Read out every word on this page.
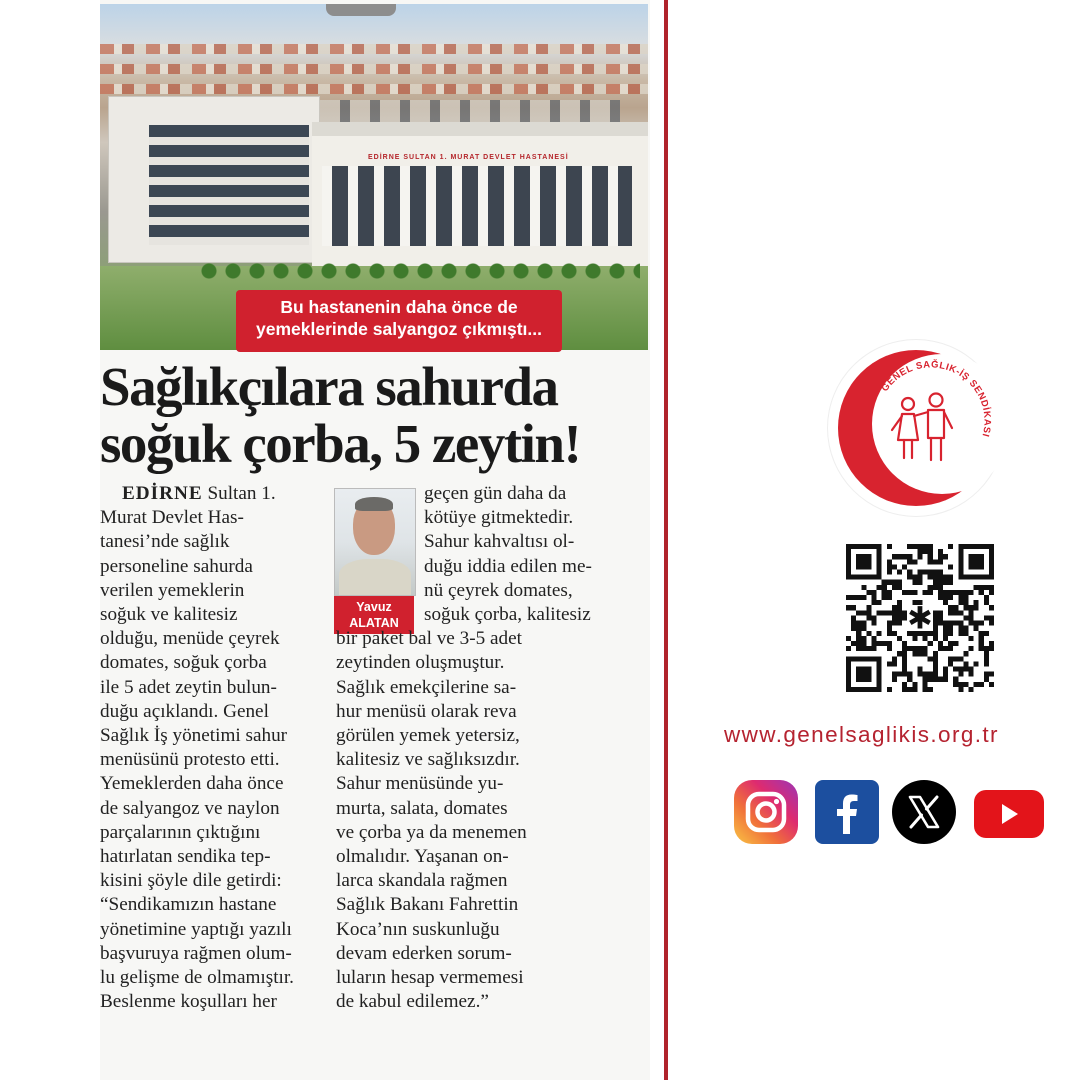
EDİRNE SULTAN 1. MURAT DEVLET HASTANESİ
Bu hastanenin daha önce de
yemeklerinde salyangoz çıkmıştı...
Sağlıkçılara sahurda
soğuk çorba, 5 zeytin!

EDİRNE Sultan 1.

Murat Devlet Has-

tanesi’nde sağlık

personeline sahurda

verilen yemeklerin

soğuk ve kalitesiz

olduğu, menüde çeyrek

domates, soğuk çorba

ile 5 adet zeytin bulun-

duğu açıklandı. Genel

Sağlık İş yönetimi sahur

menüsünü protesto etti.

Yemeklerden daha önce

de salyangoz ve naylon

parçalarının çıktığını

hatırlatan sendika tep-

kisini şöyle dile getirdi:

“Sendikamızın hastane

yönetimine yaptığı yazılı

başvuruya rağmen olum-

lu gelişme de olmamıştır.

Beslenme koşulları her

Yavuz
ALATAN

geçen gün daha da

kötüye gitmektedir.

Sahur kahvaltısı ol-

duğu iddia edilen me-

nü çeyrek domates,

soğuk çorba, kalitesiz

bir paket bal ve 3-5 adet

zeytinden oluşmuştur.

Sağlık emekçilerine sa-

hur menüsü olarak reva

görülen yemek yetersiz,

kalitesiz ve sağlıksızdır.

Sahur menüsünde yu-

murta, salata, domates

ve çorba ya da menemen

olmalıdır. Yaşanan on-

larca skandala rağmen

Sağlık Bakanı Fahrettin

Koca’nın suskunluğu

devam ederken sorum-

luların hesap vermemesi

de kabul edilemez.”

GENEL SAĞLIK-İŞ SENDİKASI
✱
www.genelsaglikis.org.tr
